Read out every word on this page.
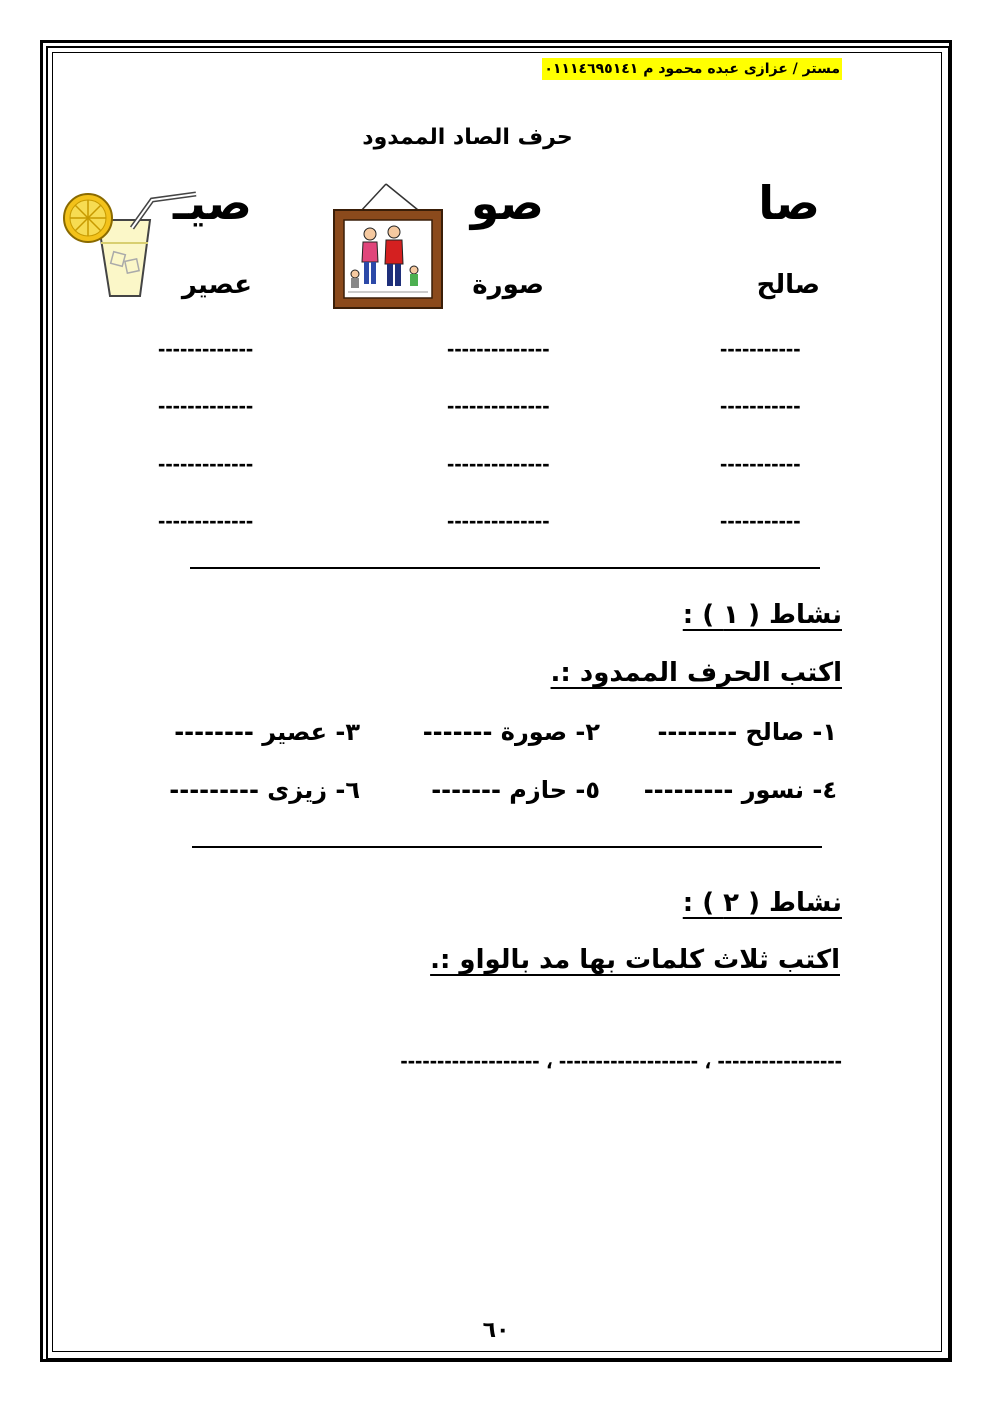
مستر / عزازى عبده محمود م ٠١١١٤٦٩٥١٤١
حرف الصاد الممدود
صا
صو
صيـ
صالح
صورة
عصير
-----------
--------------
-------------
-----------
--------------
-------------
-----------
--------------
-------------
-----------
--------------
-------------
نشاط ( ١ ) :
اكتب الحرف الممدود :.
١- صالح --------
٢- صورة -------
٣- عصير --------
٤- نسور ---------
٥- حازم -------
٦- زيزى ---------
نشاط ( ٢ ) :
اكتب ثلاث كلمات بها مد بالواو :.
----------------- ، ------------------- ، -------------------
٦٠
